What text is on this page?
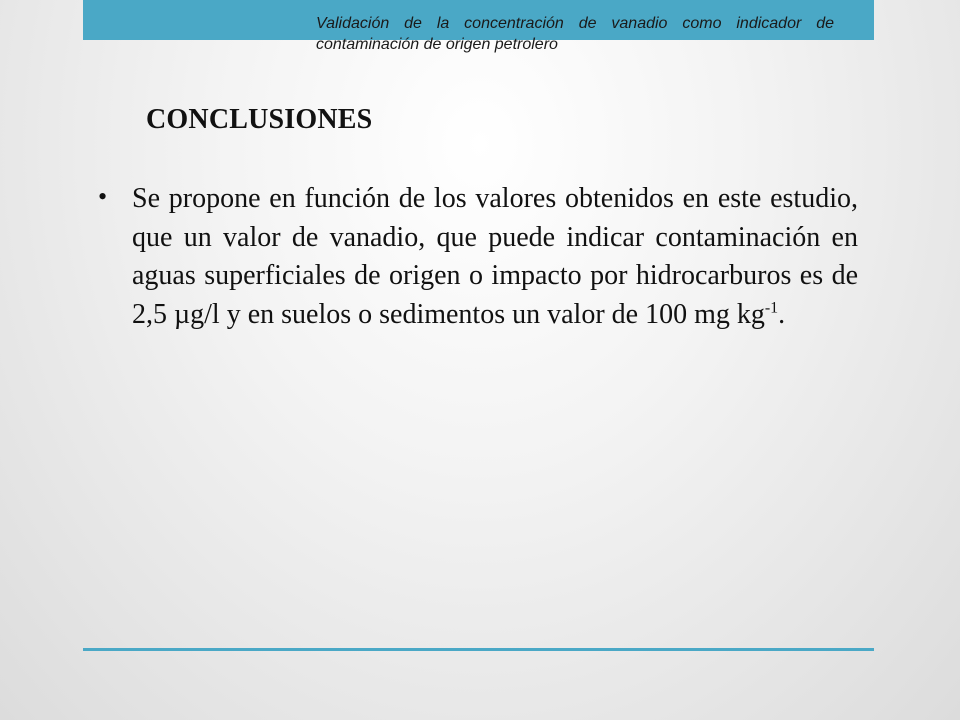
Validación de la concentración de vanadio como indicador de contaminación de origen petrolero
CONCLUSIONES
• Se propone en función de los valores obtenidos en este estudio, que un valor de vanadio, que puede indicar contaminación en aguas superficiales de origen o impacto por hidrocarburos es de 2,5 µg/l y en suelos o sedimentos un valor de 100 mg $kg^{-1}$.
